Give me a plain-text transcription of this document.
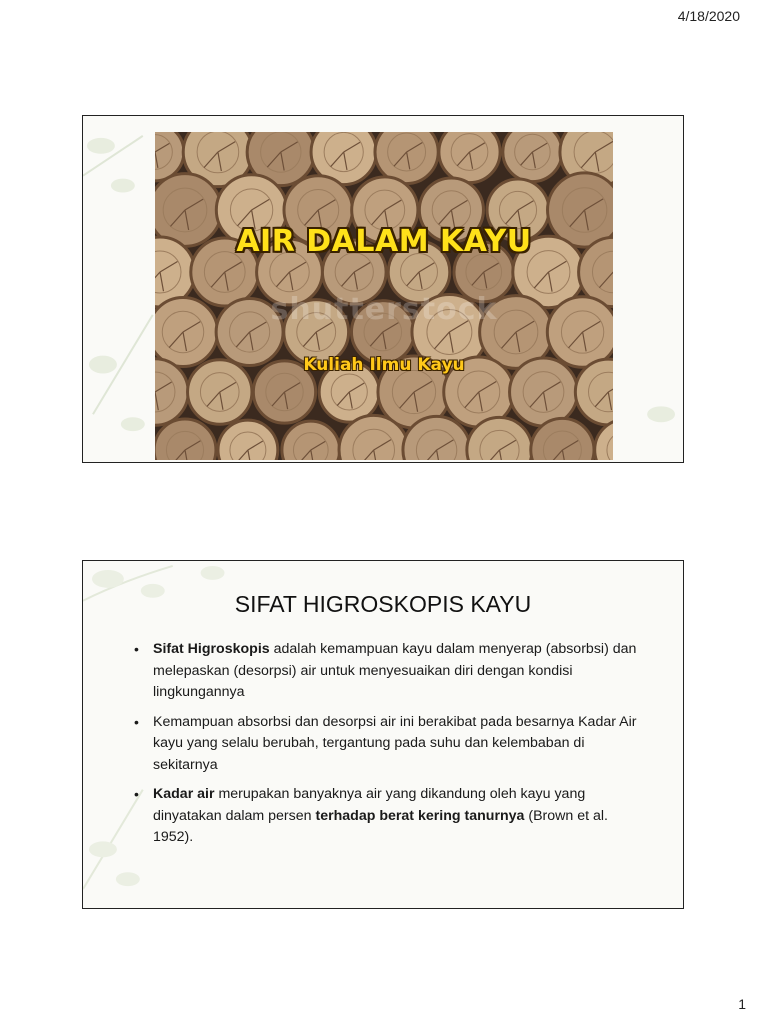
4/18/2020
shutterstock
AIR DALAM KAYU
Kuliah Ilmu Kayu
SIFAT HIGROSKOPIS KAYU
• Sifat Higroskopis adalah kemampuan kayu dalam menyerap (absorbsi) dan melepaskan (desorpsi) air untuk menyesuaikan diri dengan kondisi lingkungannya
• Kemampuan absorbsi dan desorpsi air ini berakibat pada besarnya Kadar Air kayu yang selalu berubah, tergantung pada suhu dan kelembaban di sekitarnya
• Kadar air merupakan banyaknya air yang dikandung oleh kayu yang dinyatakan dalam persen terhadap berat kering tanurnya (Brown et al. 1952).
1
